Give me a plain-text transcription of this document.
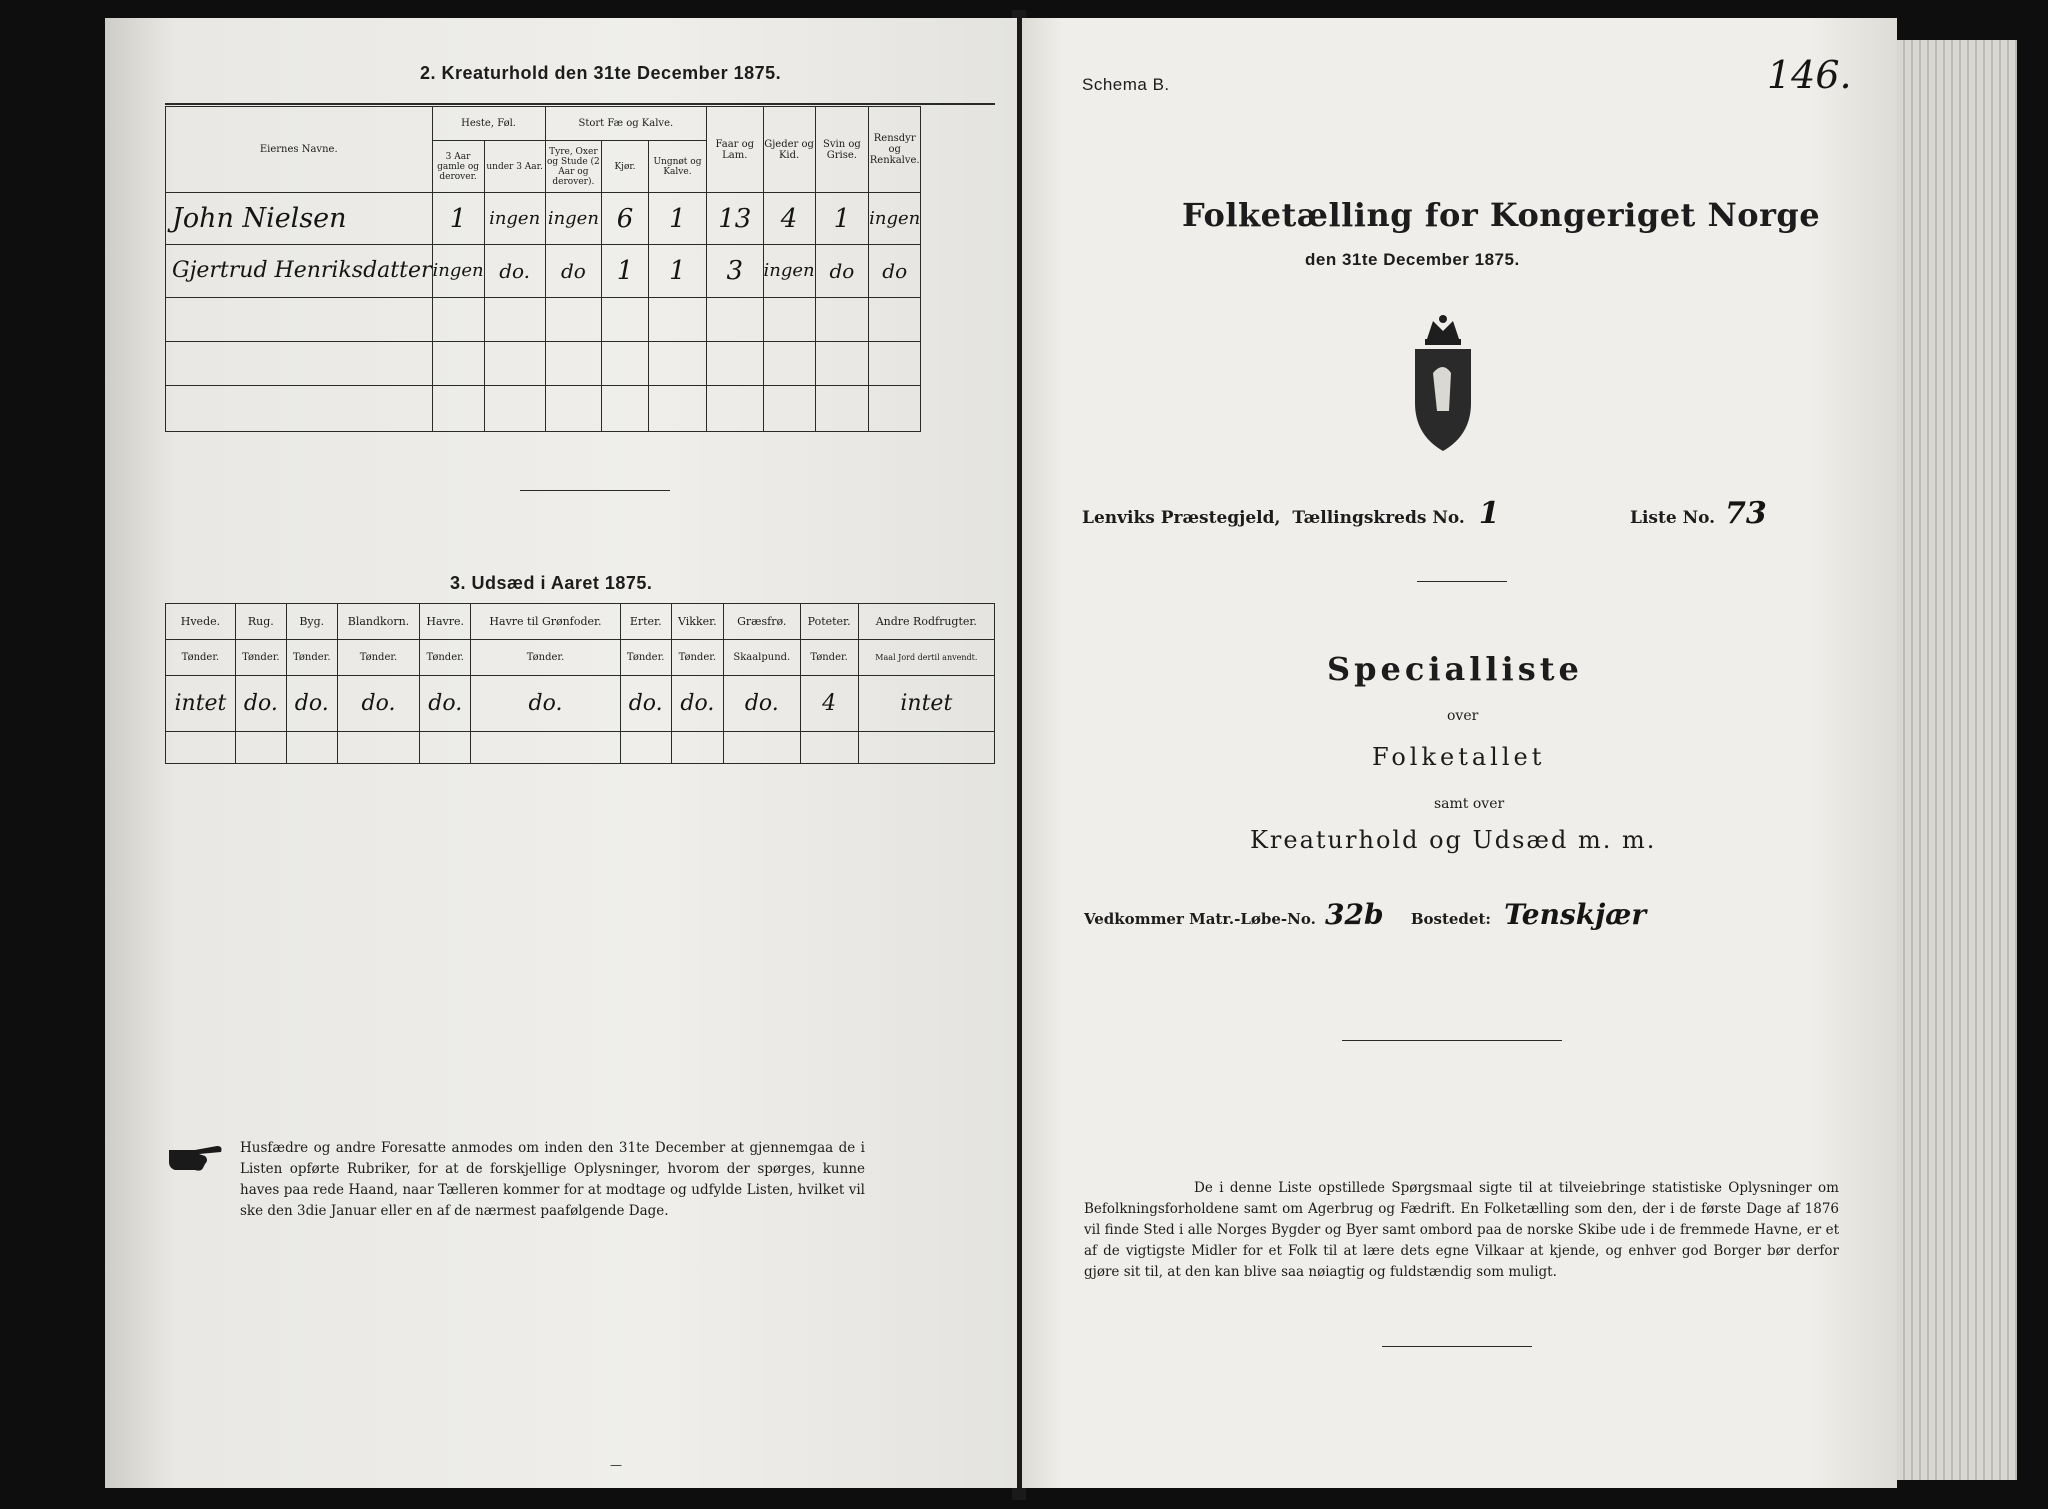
2. Kreaturhold den 31te December 1875.
Eiernes Navne.	Heste, Føl.		Stort Fæ og Kalve.			Faar og Lam.	Gjeder og Kid.	Svin og Grise.	Rensdyr og Renkalve.	
	3 Aar gamle og derover.	under 3 Aar.	Tyre, Oxer og Stude (2 Aar og derover).	Kjør.	Ungnøt og Kalve.					
John Nielsen	1	ingen	ingen	6	1	13	4	1	ingen	
Gjertrud Henriksdatter	ingen	do.	do	1	1	3	ingen	do	do	

3. Udsæd i Aaret 1875.
Hvede.	Rug.	Byg.	Blandkorn.	Havre.	Havre til Grønfoder.	Erter.	Vikker.	Græsfrø.	Poteter.	Andre Rodfrugter.
Tønder.	Tønder.	Tønder.	Tønder.	Tønder.	Tønder.	Tønder.	Tønder.	Skaalpund.	Tønder.	Maal Jord dertil anvendt.
intet	do.	do.	do.	do.	do.	do.	do.	do.	4	intet

Husfædre og andre Foresatte anmodes om inden den 31te December at gjennemgaa de i Listen opførte Rubriker, for at de forskjellige Oplysninger, hvorom der spørges, kunne haves paa rede Haand, naar Tælleren kommer for at modtage og udfylde Listen, hvilket vil ske den 3die Januar eller en af de nærmest paafølgende Dage.
—
Schema B.	146.
Folketælling for Kongeriget Norge
den 31te December 1875.
Lenviks Præstegjeld, Tællingskreds No. 1	Liste No. 73
Specialliste
over
Folketallet
samt over
Kreaturhold og Udsæd m. m.
Vedkommer Matr.-Løbe-No. 32b Bostedet: Tenskjær
De i denne Liste opstillede Spørgsmaal sigte til at tilveiebringe statistiske Oplysninger om Befolkningsforholdene samt om Agerbrug og Fædrift. En Folketælling som den, der i de første Dage af 1876 vil finde Sted i alle Norges Bygder og Byer samt ombord paa de norske Skibe ude i de fremmede Havne, er et af de vigtigste Midler for et Folk til at lære dets egne Vilkaar at kjende, og enhver god Borger bør derfor gjøre sit til, at den kan blive saa nøiagtig og fuldstændig som muligt.
